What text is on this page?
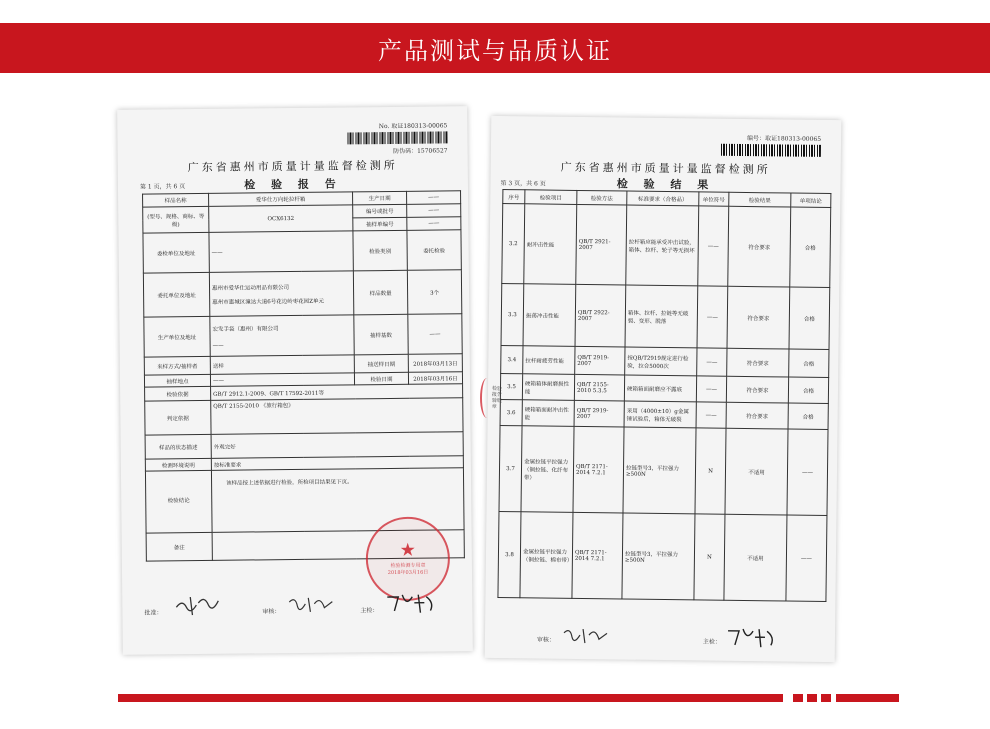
产品测试与品质认证
No. 取证180313-00065
防伪码：15706527
广东省惠州市质量计量监督检测所
第 1 页，共 6 页	检 验 报 告
样品名称	爱华仕万向轮拉杆箱	生产日期	——
(型号、规格、商标、等级)	OCX6132	编号或批号	——
		抽样单编号	——
委检单位及地址	——	检验类别	委托检验
委托单位及地址	惠州市爱华仕运动用品有限公司
惠州市惠城区潼达大道6号花边岭枣花园Z单元	样品数量	3个
生产单位及地址	宏发手袋（惠州）有限公司
——	抽样基数	——
来样方式/抽样者	送样	抽送样日期	2018年03月13日
抽样地点	——	检验日期	2018年03月16日
检验依据	GB/T 2912.1-2009、GB/T 17592-2011等		
判定依据	QB/T 2155-2010 《旅行箱包》		
样品的状态描述	外观完好		
检测环境说明	按标准要求		
检验结论	该样品按上述依据进行检验，所检项目结果见下页。		
备注				★
检验检测专用章
2018年03月16日
批准：	审核：	主检：
编号：取证180313-00065
广东省惠州市质量计量监督检测所
第 3 页，共 6 页	检 验 结 果
序号	检验项目	检验方法	标准要求（合格品）	单位符号	检验结果	单项结论
3.2	耐冲击性能	QB/T 2921-2007	拉杆箱应能承受冲击试验，箱体、拉杆、轮子等无损坏	——	符合要求	合格
3.3	振荡冲击性能	QB/T 2922-2007	箱体、拉杆、拉链等无破裂、变形、脱落	——	符合要求	合格
3.4	拉杆耐疲劳性能	QB/T 2919-2007	按QB/T2919规定进行检验，拉合5000次	——	符合要求	合格
3.5	硬箱箱体耐磨损性能	QB/T 2155-2010 5.3.5	硬箱箱面耐磨应不露底	——	符合要求	合格
3.6	硬箱箱面耐冲击性能	QB/T 2919-2007	采用（4000±10）g金属锤试验后，箱体无破裂	——	符合要求	合格
3.7	金属拉链平拉强力（铜拉链、化纤布带）	QB/T 2171-2014 7.2.1	拉链型号3，平拉强力≥500N	N	不适用	——
3.8	金属拉链平拉强力（铜拉链、棉布带）	QB/T 2171-2014 7.2.1	拉链型号3，平拉强力≥500N	N	不适用	——
检验报告骑缝章
审核：	主检：
